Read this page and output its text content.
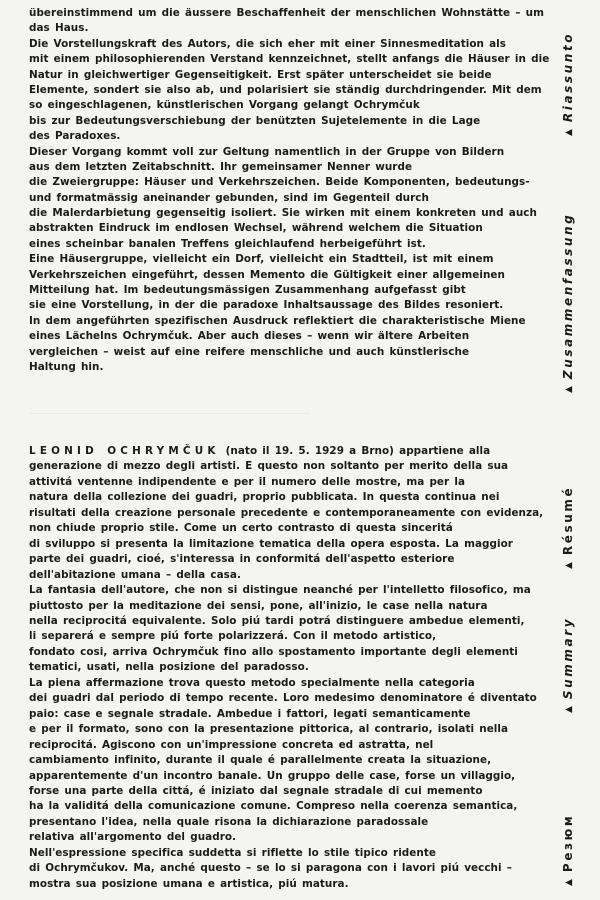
übereinstimmend um die äussere Beschaffenheit der menschlichen Wohnstätte – um
das Haus.
Die Vorstellungskraft des Autors, die sich eher mit einer Sinnesmeditation als
mit einem philosophierenden Verstand kennzeichnet, stellt anfangs die Häuser in die
Natur in gleichwertiger Gegenseitigkeit. Erst später unterscheidet sie beide
Elemente, sondert sie also ab, und polarisiert sie ständig durchdringender. Mit dem
so eingeschlagenen, künstlerischen Vorgang gelangt Ochrymčuk
bis zur Bedeutungsverschiebung der benützten Sujetelemente in die Lage
des Paradoxes.
Dieser Vorgang kommt voll zur Geltung namentlich in der Gruppe von Bildern
aus dem letzten Zeitabschnitt. Ihr gemeinsamer Nenner wurde
die Zweiergruppe: Häuser und Verkehrszeichen. Beide Komponenten, bedeutungs-
und formatmässig aneinander gebunden, sind im Gegenteil durch
die Malerdarbietung gegenseitig isoliert. Sie wirken mit einem konkreten und auch
abstrakten Eindruck im endlosen Wechsel, während welchem die Situation
eines scheinbar banalen Treffens gleichlaufend herbeigeführt ist.
Eine Häusergruppe, vielleicht ein Dorf, vielleicht ein Stadtteil, ist mit einem
Verkehrszeichen eingeführt, dessen Memento die Gültigkeit einer allgemeinen
Mitteilung hat. Im bedeutungsmässigen Zusammenhang aufgefasst gibt
sie eine Vorstellung, in der die paradoxe Inhaltsaussage des Bildes resoniert.
In dem angeführten spezifischen Ausdruck reflektiert die charakteristische Miene
eines Lächelns Ochrymčuk. Aber auch dieses – wenn wir ältere Arbeiten
vergleichen – weist auf eine reifere menschliche und auch künstlerische
Haltung hin.
LEONID OCHRYMČUK (nato il 19. 5. 1929 a Brno) appartiene alla
generazione di mezzo degli artisti. E questo non soltanto per merito della sua
attivitá ventenne indipendente e per il numero delle mostre, ma per la
natura della collezione dei guadri, proprio pubblicata. In questa continua nei
risultati della creazione personale precedente e contemporaneamente con evidenza,
non chiude proprio stile. Come un certo contrasto di questa sinceritá
di sviluppo si presenta la limitazione tematica della opera esposta. La maggior
parte dei guadri, cioé, s'interessa in conformitá dell'aspetto esteriore
dell'abitazione umana – della casa.
La fantasia dell'autore, che non si distingue neanché per l'intelletto filosofico, ma
piuttosto per la meditazione dei sensi, pone, all'inizio, le case nella natura
nella reciprocitá equivalente. Solo piú tardi potrá distinguere ambedue elementi,
li separerá e sempre piú forte polarizzerá. Con il metodo artistico,
fondato cosi, arriva Ochrymčuk fino allo spostamento importante degli elementi
tematici, usati, nella posizione del paradosso.
La piena affermazione trova questo metodo specialmente nella categoria
dei guadri dal periodo di tempo recente. Loro medesimo denominatore é diventato
paio: case e segnale stradale. Ambedue i fattori, legati semanticamente
e per il formato, sono con la presentazione pittorica, al contrario, isolati nella
reciprocitá. Agiscono con un'impressione concreta ed astratta, nel
cambiamento infinito, durante il quale é parallelmente creata la situazione,
apparentemente d'un incontro banale. Un gruppo delle case, forse un villaggio,
forse una parte della cittá, é iniziato dal segnale stradale di cui memento
ha la validitá della comunicazione comune. Compreso nella coerenza semantica,
presentano l'idea, nella quale risona la dichiarazione paradossale
relativa all'argomento del guadro.
Nell'espressione specifica suddetta si riflette lo stile tipico ridente
di Ochrymčukov. Ma, anché questo – se lo si paragona con i lavori piú vecchi –
mostra sua posizione umana e artistica, piú matura.
▲Riassunto
▲Zusammenfassung
▲Résumé
▲Summary
▲Резюм
